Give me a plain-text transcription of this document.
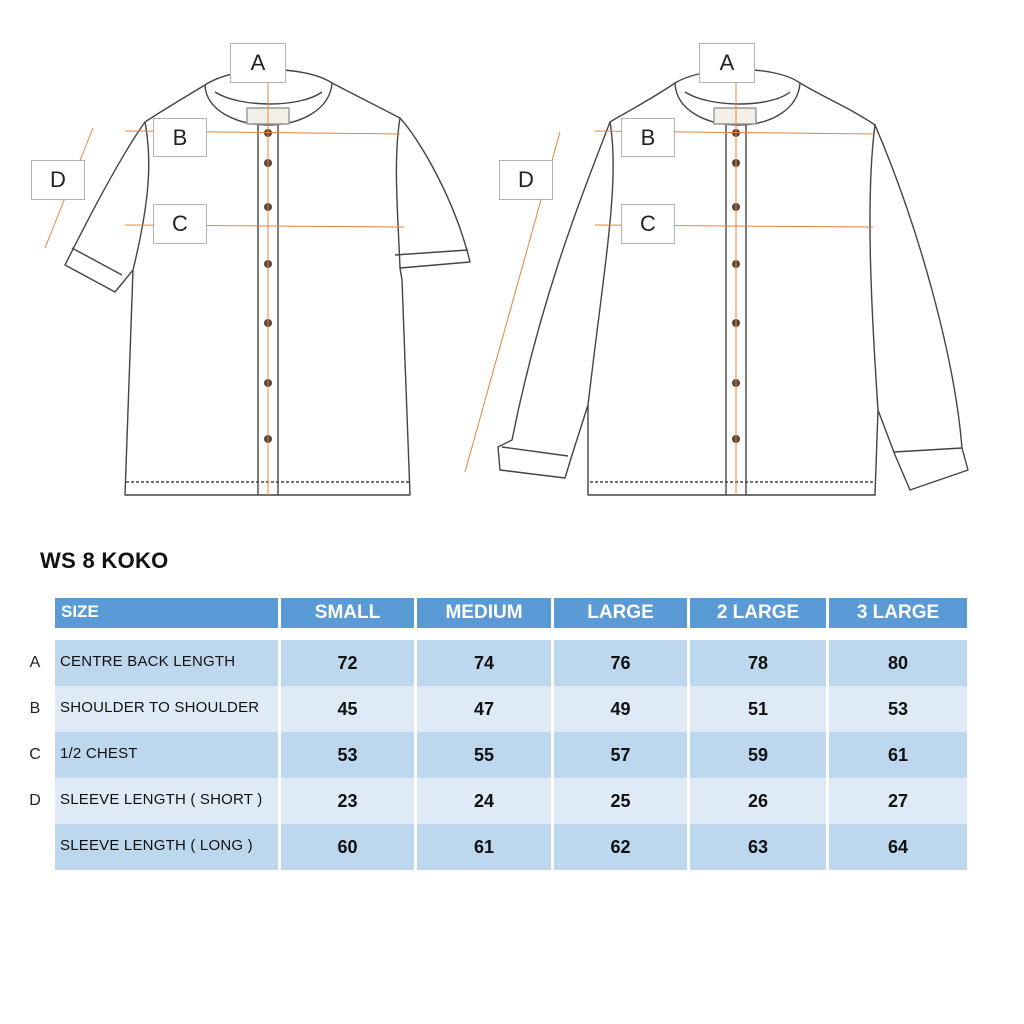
A
B
C
D
A
B
C
D
WS 8 KOKO
SIZE	SMALL	MEDIUM	LARGE	2 LARGE	3 LARGE
A	CENTRE BACK LENGTH	72	74	76	78	80
B	SHOULDER TO SHOULDER	45	47	49	51	53
C	1/2 CHEST	53	55	57	59	61
D	SLEEVE LENGTH ( SHORT )	23	24	25	26	27
SLEEVE LENGTH ( LONG )	60	61	62	63	64
